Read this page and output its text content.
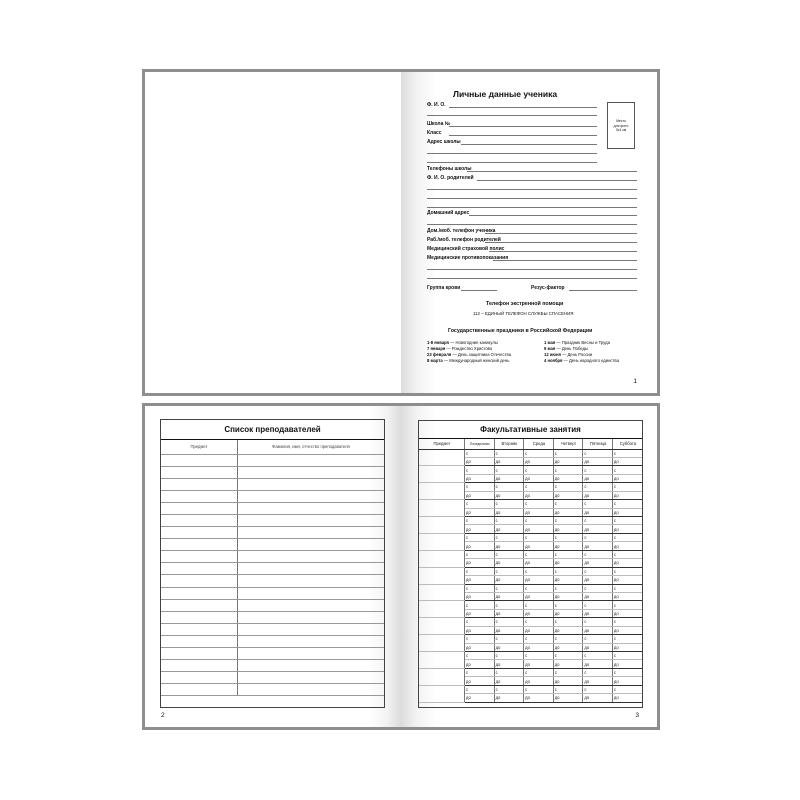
Личные данные ученика
Место
для фото
3x4 см
Ф. И. О.
Школа №
Класс
Адрес школы
Телефоны школы
Ф. И. О. родителей
Домашний адрес
Дом./моб. телефон ученика
Раб./моб. телефон родителей
Медицинский страховой полис
Медицинские противопоказания
Группа крови	Резус-фактор
Телефон экстренной помощи
112 – ЕДИНЫЙ ТЕЛЕФОН СЛУЖБЫ СПАСЕНИЯ
Государственные праздники в Российской Федерации
1-8 января — Новогодние каникулы
7 января — Рождество Христово
23 февраля — День защитника Отечества
8 марта — Международный женский день
1 мая — Праздник Весны и Труда
9 мая — День Победы
12 июня — День России
4 ноября — День народного единства
1
Список преподавателей
Предмет	Фамилия, имя, отчество преподавателя

2
Факультативные занятия
Предмет	Понедельник	Вторник	Среда	Четверг	Пятница	Суббота
	с	с	с	с	с	с
	до	до	до	до	до	до
	с	с	с	с	с	с
	до	до	до	до	до	до
	с	с	с	с	с	с
	до	до	до	до	до	до
	с	с	с	с	с	с
	до	до	до	до	до	до
	с	с	с	с	с	с
	до	до	до	до	до	до
	с	с	с	с	с	с
	до	до	до	до	до	до
	с	с	с	с	с	с
	до	до	до	до	до	до
	с	с	с	с	с	с
	до	до	до	до	до	до
	с	с	с	с	с	с
	до	до	до	до	до	до
	с	с	с	с	с	с
	до	до	до	до	до	до
	с	с	с	с	с	с
	до	до	до	до	до	до
	с	с	с	с	с	с
	до	до	до	до	до	до
	с	с	с	с	с	с
	до	до	до	до	до	до
	с	с	с	с	с	с
	до	до	до	до	до	до
	с	с	с	с	с	с
	до	до	до	до	до	до
3
